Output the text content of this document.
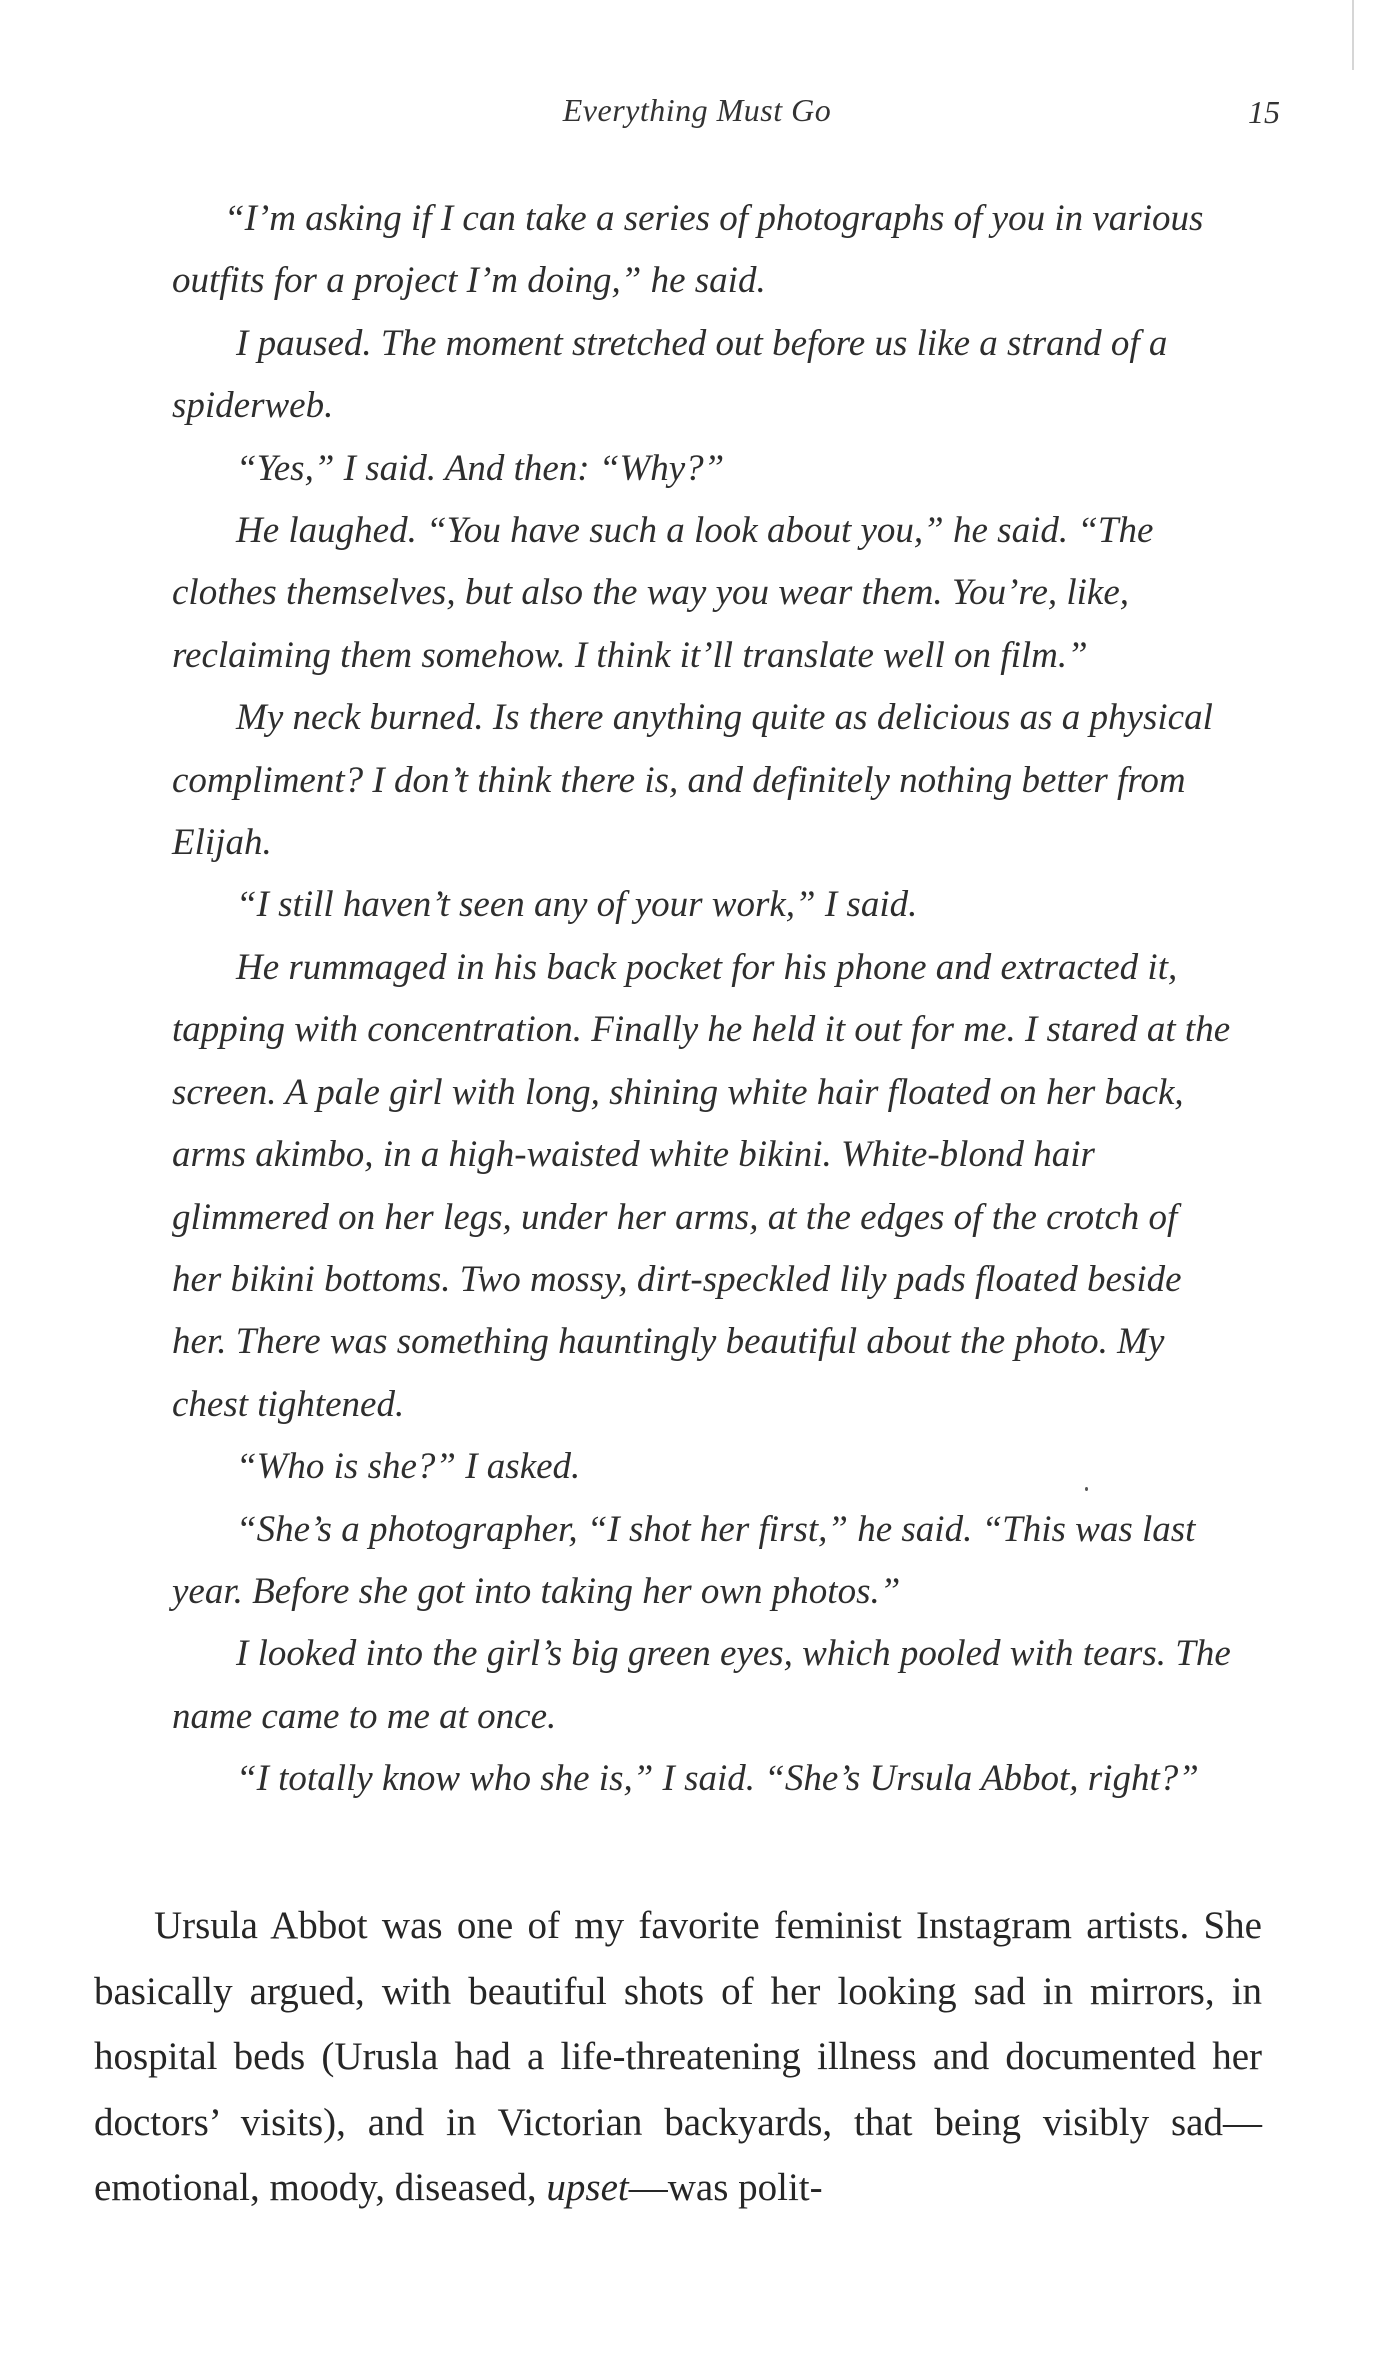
Everything Must Go	15

“I’m asking if I can take a series of photographs of you in various outfits for a project I’m doing,” he said.

I paused. The moment stretched out before us like a strand of a spiderweb.

“Yes,” I said. And then: “Why?”

He laughed. “You have such a look about you,” he said. “The clothes themselves, but also the way you wear them. You’re, like, reclaiming them somehow. I think it’ll translate well on film.”

My neck burned. Is there anything quite as delicious as a physical compliment? I don’t think there is, and definitely nothing better from Elijah.

“I still haven’t seen any of your work,” I said.

He rummaged in his back pocket for his phone and extracted it, tapping with concentration. Finally he held it out for me. I stared at the screen. A pale girl with long, shining white hair floated on her back, arms akimbo, in a high-waisted white bikini. White-blond hair glimmered on her legs, under her arms, at the edges of the crotch of her bikini bottoms. Two mossy, dirt-speckled lily pads floated beside her. There was something hauntingly beautiful about the photo. My chest tightened.

“Who is she?” I asked.

“She’s a photographer, “I shot her first,” he said. “This was last year. Before she got into taking her own photos.”

I looked into the girl’s big green eyes, which pooled with tears. The name came to me at once.

“I totally know who she is,” I said. “She’s Ursula Abbot, right?”

Ursula Abbot was one of my favorite feminist Instagram artists. She basically argued, with beautiful shots of her looking sad in mirrors, in hospital beds (Urusla had a life-threatening illness and documented her doctors’ visits), and in Victorian backyards, that being visibly sad—emotional, moody, diseased, upset—was polit-
